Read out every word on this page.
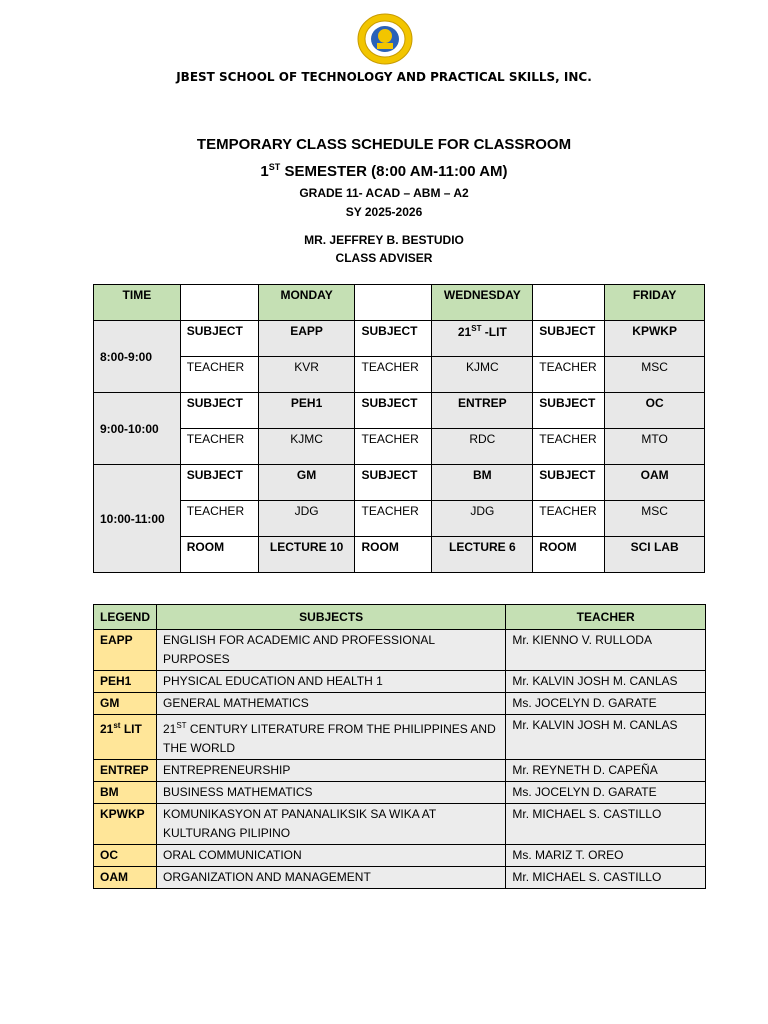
JBEST SCHOOL OF TECHNOLOGY AND PRACTICAL SKILLS, INC.
TEMPORARY CLASS SCHEDULE FOR CLASSROOM
1ST SEMESTER (8:00 AM-11:00 AM)
GRADE 11- ACAD – ABM – A2
SY 2025-2026
MR. JEFFREY B. BESTUDIO
CLASS ADVISER
TIME		MONDAY		WEDNESDAY		FRIDAY
8:00-9:00	SUBJECT	EAPP	SUBJECT	21ST -LIT	SUBJECT	KPWKP
	TEACHER	KVR	TEACHER	KJMC	TEACHER	MSC
9:00-10:00	SUBJECT	PEH1	SUBJECT	ENTREP	SUBJECT	OC
	TEACHER	KJMC	TEACHER	RDC	TEACHER	MTO
10:00-11:00	SUBJECT	GM	SUBJECT	BM	SUBJECT	OAM
	TEACHER	JDG	TEACHER	JDG	TEACHER	MSC
	ROOM	LECTURE 10	ROOM	LECTURE 6	ROOM	SCI LAB
LEGEND	SUBJECTS	TEACHER
EAPP	ENGLISH FOR ACADEMIC AND PROFESSIONAL PURPOSES	Mr. KIENNO V. RULLODA
PEH1	PHYSICAL EDUCATION AND HEALTH 1	Mr. KALVIN JOSH M. CANLAS
GM	GENERAL MATHEMATICS	Ms. JOCELYN D. GARATE
21st LIT	21ST CENTURY LITERATURE FROM THE PHILIPPINES AND THE WORLD	Mr. KALVIN JOSH M. CANLAS
ENTREP	ENTREPRENEURSHIP	Mr. REYNETH D. CAPEÑA
BM	BUSINESS MATHEMATICS	Ms. JOCELYN D. GARATE
KPWKP	KOMUNIKASYON AT PANANALIKSIK SA WIKA AT KULTURANG PILIPINO	Mr. MICHAEL S. CASTILLO
OC	ORAL COMMUNICATION	Ms. MARIZ T. OREO
OAM	ORGANIZATION AND MANAGEMENT	Mr. MICHAEL S. CASTILLO
